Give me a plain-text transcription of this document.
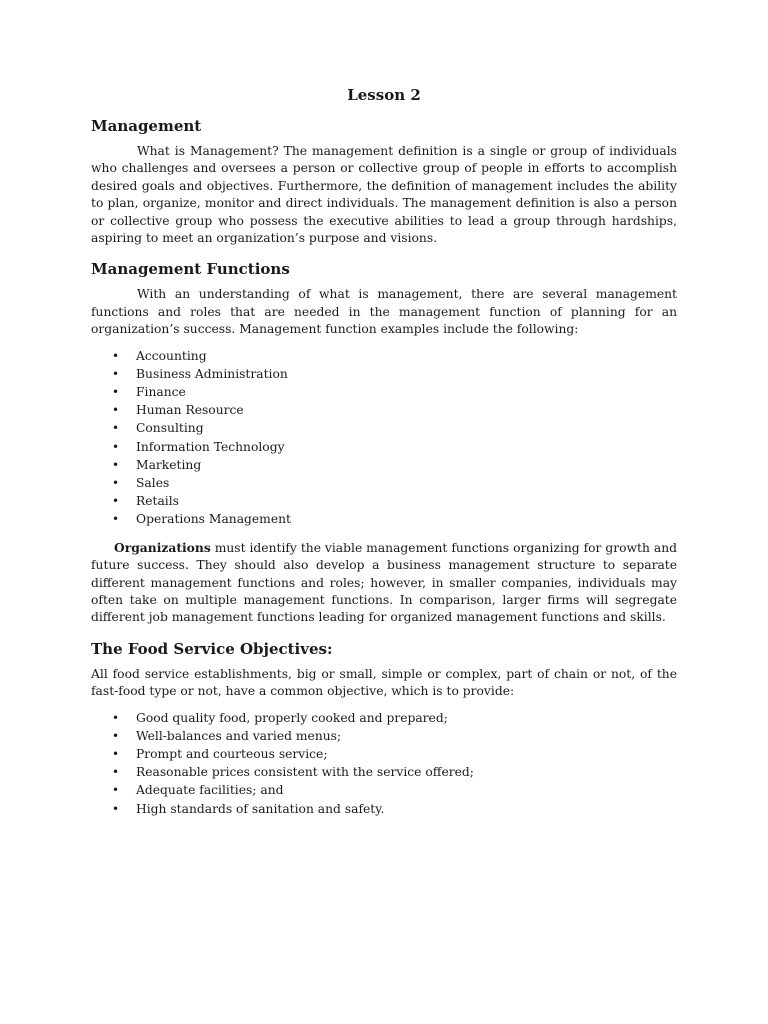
Lesson 2
Management

What is Management? The management definition is a single or group of individuals who challenges and oversees a person or collective group of people in efforts to accomplish desired goals and objectives. Furthermore, the definition of management includes the ability to plan, organize, monitor and direct individuals. The management definition is also a person or collective group who possess the executive abilities to lead a group through hardships, aspiring to meet an organization’s purpose and visions.

Management Functions

With an understanding of what is management, there are several management functions and roles that are needed in the management function of planning for an organization’s success. Management function examples include the following:

• Accounting
• Business Administration
• Finance
• Human Resource
• Consulting
• Information Technology
• Marketing
• Sales
• Retails
• Operations Management

Organizations must identify the viable management functions organizing for growth and future success. They should also develop a business management structure to separate different management functions and roles; however, in smaller companies, individuals may often take on multiple management functions. In comparison, larger firms will segregate different job management functions leading for organized management functions and skills.

The Food Service Objectives:

All food service establishments, big or small, simple or complex, part of chain or not, of the fast-food type or not, have a common objective, which is to provide:

• Good quality food, properly cooked and prepared;
• Well-balances and varied menus;
• Prompt and courteous service;
• Reasonable prices consistent with the service offered;
• Adequate facilities; and
• High standards of sanitation and safety.
